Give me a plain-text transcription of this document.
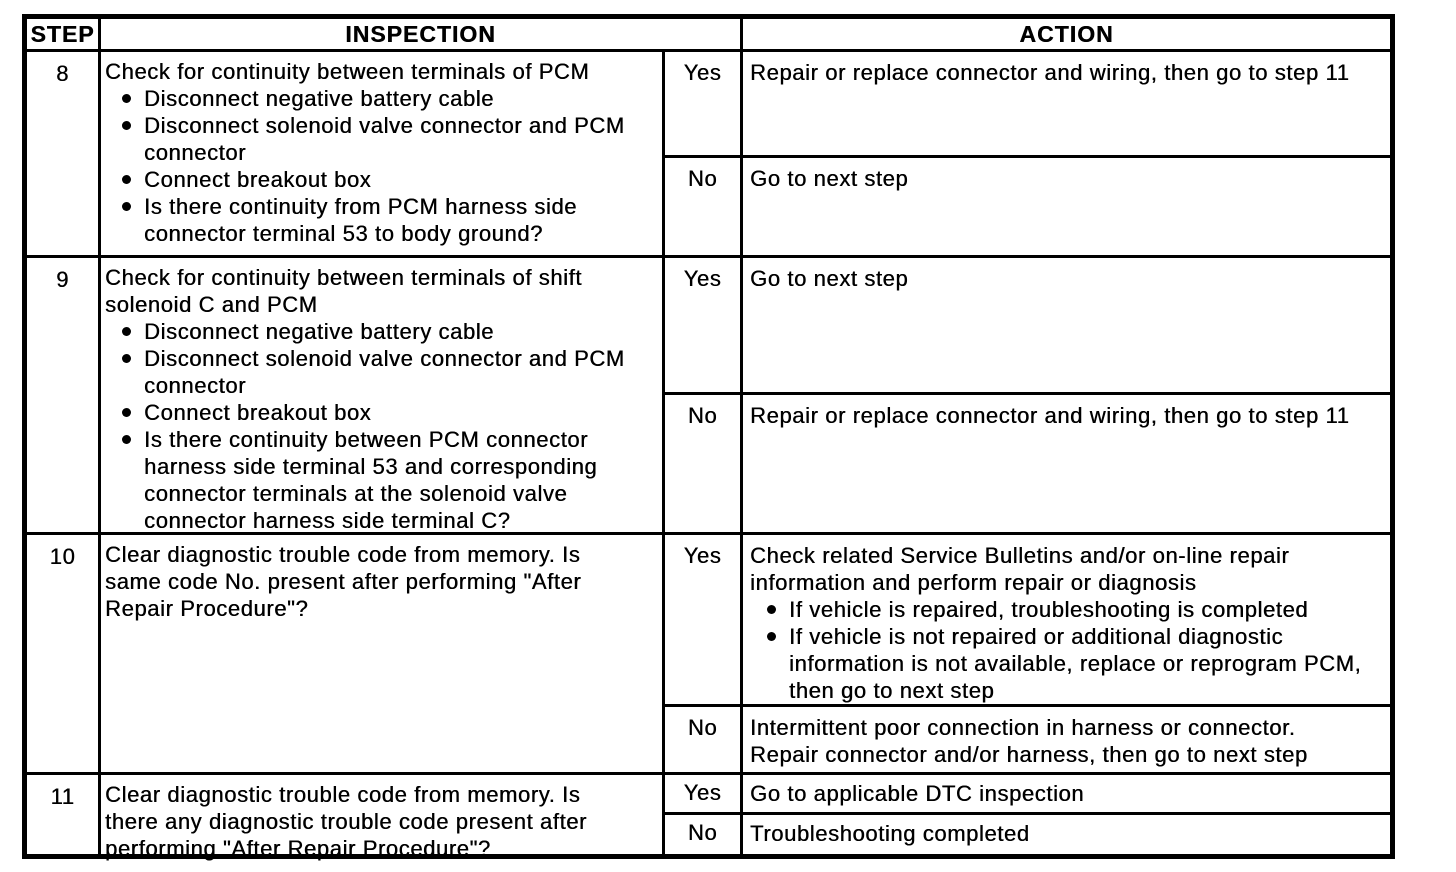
STEP	INSPECTION	ACTION
8	Check for continuity between terminals of PCM
Disconnect negative battery cable
Disconnect solenoid valve connector and PCM connector
Connect breakout box
Is there continuity from PCM harness side connector terminal 53 to body ground?
Yes	Repair or replace connector and wiring, then go to step 11
No	Go to next step
9	Check for continuity between terminals of shift solenoid C and PCM
Disconnect negative battery cable
Disconnect solenoid valve connector and PCM connector
Connect breakout box
Is there continuity between PCM connector harness side terminal 53 and corresponding connector terminals at the solenoid valve connector harness side terminal C?
Yes	Go to next step
No	Repair or replace connector and wiring, then go to step 11
10	Clear diagnostic trouble code from memory. Is same code No. present after performing "After Repair Procedure"?
Yes	Check related Service Bulletins and/or on-line repair information and perform repair or diagnosis
If vehicle is repaired, troubleshooting is completed
If vehicle is not repaired or additional diagnostic information is not available, replace or reprogram PCM, then go to next step
No	Intermittent poor connection in harness or connector. Repair connector and/or harness, then go to next step
11	Clear diagnostic trouble code from memory. Is there any diagnostic trouble code present after performing "After Repair Procedure"?
Yes	Go to applicable DTC inspection
No	Troubleshooting completed
